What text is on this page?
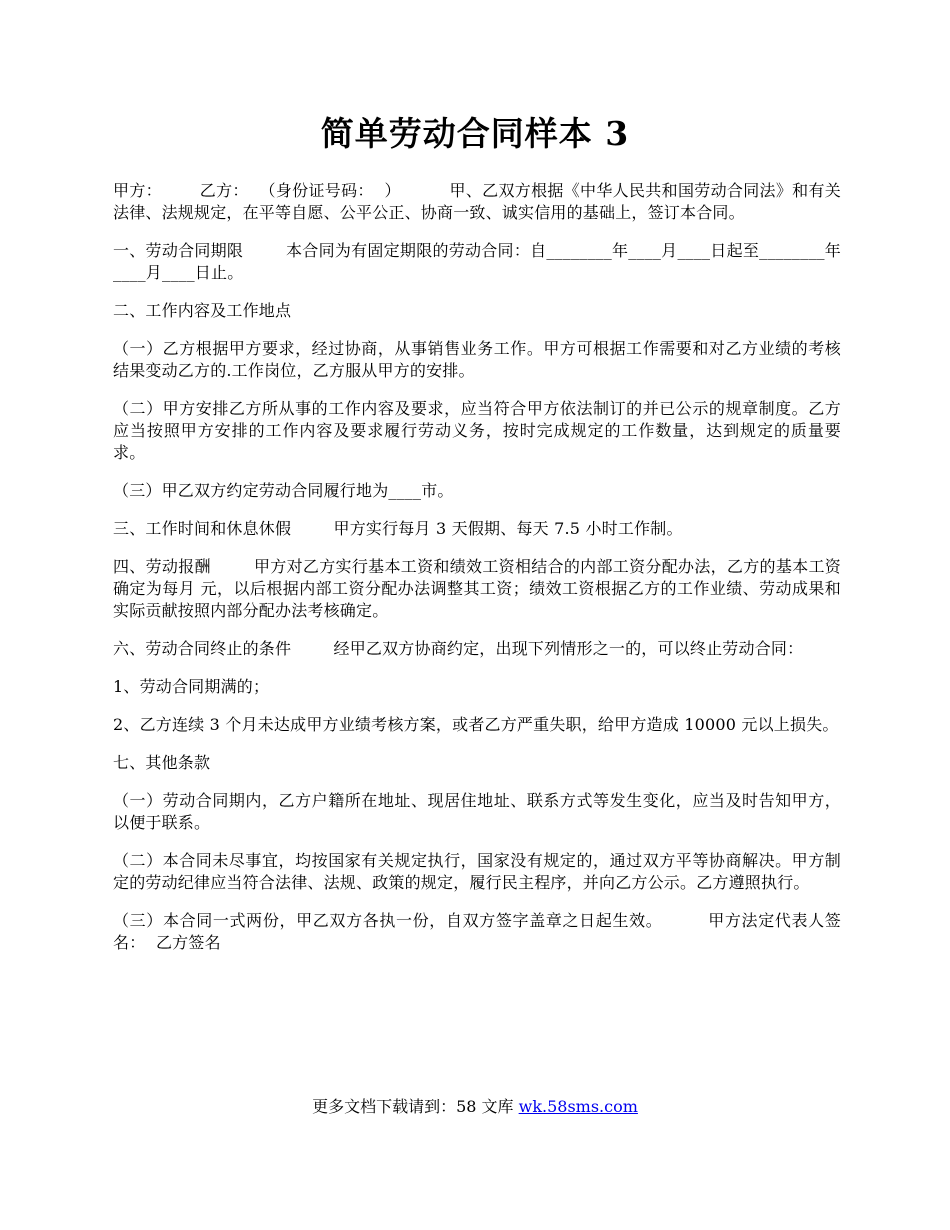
简单劳动合同样本 3

甲方：       乙方：  （身份证号码：  ）         甲、乙双方根据《中华人民共和国劳动合同法》和有关法律、法规规定，在平等自愿、公平公正、协商一致、诚实信用的基础上，签订本合同。

一、劳动合同期限        本合同为有固定期限的劳动合同：自________年____月____日起至________年____月____日止。

二、工作内容及工作地点

（一）乙方根据甲方要求，经过协商，从事销售业务工作。甲方可根据工作需要和对乙方业绩的考核结果变动乙方的.工作岗位，乙方服从甲方的安排。

（二）甲方安排乙方所从事的工作内容及要求，应当符合甲方依法制订的并已公示的规章制度。乙方应当按照甲方安排的工作内容及要求履行劳动义务，按时完成规定的工作数量，达到规定的质量要求。

（三）甲乙双方约定劳动合同履行地为____市。

三、工作时间和休息休假        甲方实行每月 3 天假期、每天 7.5 小时工作制。

四、劳动报酬        甲方对乙方实行基本工资和绩效工资相结合的内部工资分配办法，乙方的基本工资确定为每月 元，以后根据内部工资分配办法调整其工资；绩效工资根据乙方的工作业绩、劳动成果和实际贡献按照内部分配办法考核确定。

六、劳动合同终止的条件        经甲乙双方协商约定，出现下列情形之一的，可以终止劳动合同：

1、劳动合同期满的；

2、乙方连续 3 个月未达成甲方业绩考核方案，或者乙方严重失职，给甲方造成 10000 元以上损失。

七、其他条款

（一）劳动合同期内，乙方户籍所在地址、现居住地址、联系方式等发生变化，应当及时告知甲方，以便于联系。

（二）本合同未尽事宜，均按国家有关规定执行，国家没有规定的，通过双方平等协商解决。甲方制定的劳动纪律应当符合法律、法规、政策的规定，履行民主程序，并向乙方公示。乙方遵照执行。

（三）本合同一式两份，甲乙双方各执一份，自双方签字盖章之日起生效。        甲方法定代表人签名：  乙方签名

更多文档下载请到：58 文库 wk.58sms.com
